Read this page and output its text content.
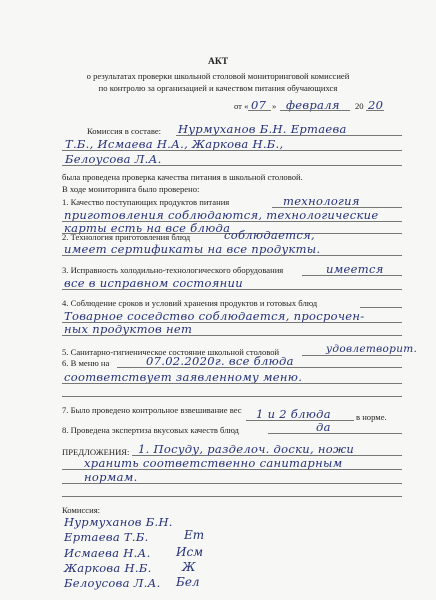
АКТ
о результатах проверки школьной столовой мониторинговой комиссией
по контролю за организацией и качеством питания обучающихся
от « 07 » февраля 20 20
Комиссия в составе: Нурмуханов Б.Н. Ертаева
Т.Б., Исмаева Н.А., Жаркова Н.Б.,
Белоусова Л.А.
была проведена проверка качества питания в школьной столовой.
В ходе мониторинга было проверено:
1. Качество поступающих продуктов питания	технология
приготовления соблюдаются, технологические
карты есть на все блюда
2. Технология приготовления блюд	соблюдается,
имеет сертификаты на все продукты.
3. Исправность холодильно-технологического оборудования	имеется
все в исправном состоянии
4. Соблюдение сроков и условий хранения продуктов и готовых блюд
Товарное соседство соблюдается, просрочен-
ных продуктов нет
5. Санитарно-гигиеническое состояние школьной столовой	удовлетворит.
6. В меню на	07.02.2020г. все блюда
соответствует заявленному меню.
7. Было проведено контрольное взвешивание вес 1 и 2 блюда	в норме.
8. Проведена экспертиза вкусовых качеств блюд	да
ПРЕДЛОЖЕНИЯ: 1. Посуду, разделоч. доски, ножи
хранить соответственно санитарным
нормам.
Комиссия:
Нурмуханов Б.Н.
Ертаева Т.Б.	Ет
Исмаева Н.А. Исм
Жаркова Н.Б.	Ж
Белоусова Л.А. Бел
